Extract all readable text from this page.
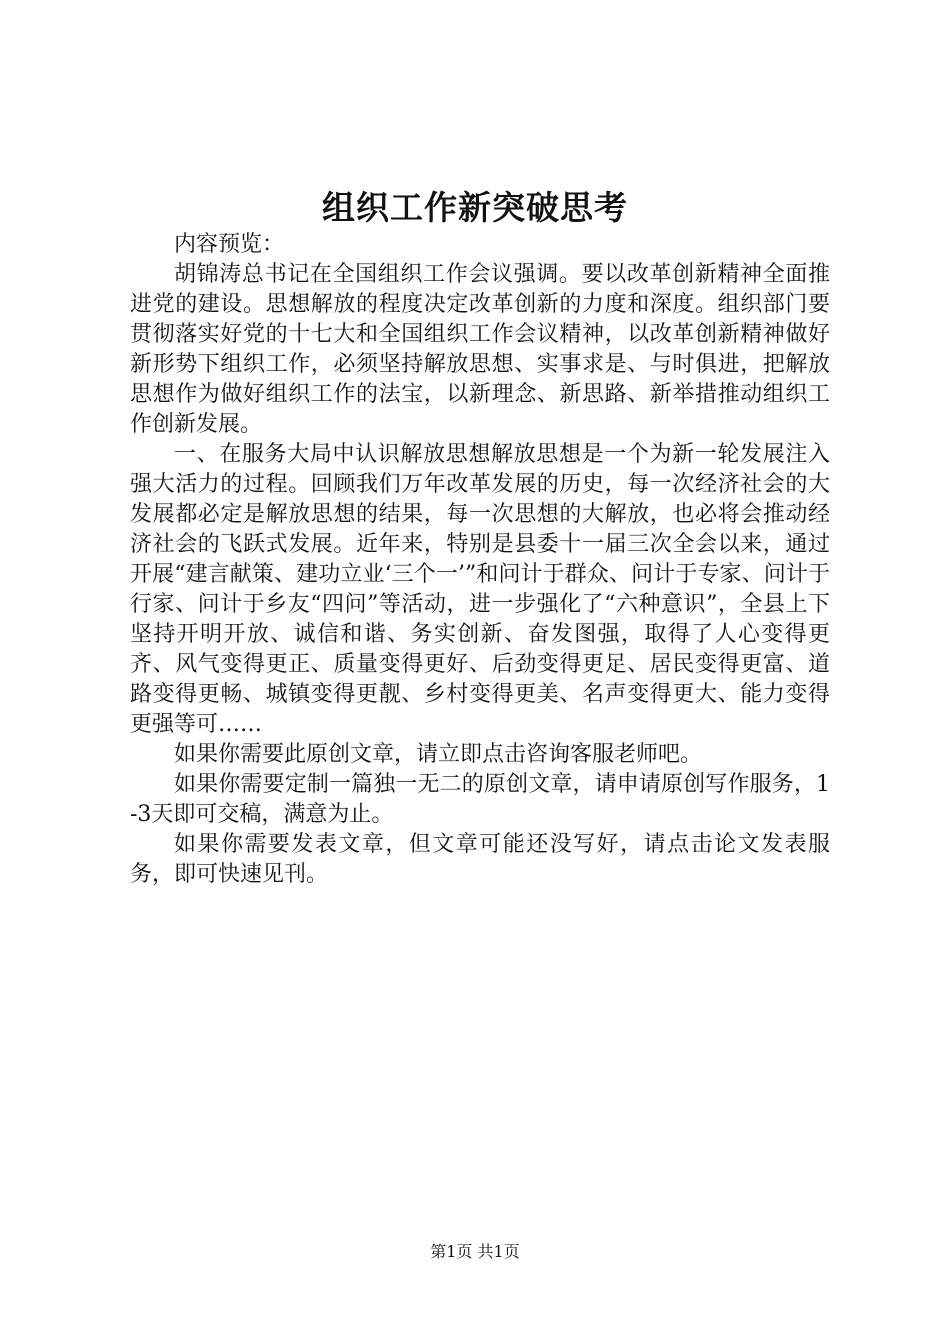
组织工作新突破思考

内容预览：

胡锦涛总书记在全国组织工作会议强调。要以改革创新精神全面推进党的建设。思想解放的程度决定改革创新的力度和深度。组织部门要贯彻落实好党的十七大和全国组织工作会议精神，以改革创新精神做好新形势下组织工作，必须坚持解放思想、实事求是、与时俱进，把解放思想作为做好组织工作的法宝，以新理念、新思路、新举措推动组织工作创新发展。

一、在服务大局中认识解放思想解放思想是一个为新一轮发展注入强大活力的过程。回顾我们万年改革发展的历史，每一次经济社会的大发展都必定是解放思想的结果，每一次思想的大解放，也必将会推动经济社会的飞跃式发展。近年来，特别是县委十一届三次全会以来，通过开展“建言献策、建功立业‘三个一’”和问计于群众、问计于专家、问计于行家、问计于乡友“四问”等活动，进一步强化了“六种意识”，全县上下坚持开明开放、诚信和谐、务实创新、奋发图强，取得了人心变得更齐、风气变得更正、质量变得更好、后劲变得更足、居民变得更富、道路变得更畅、城镇变得更靓、乡村变得更美、名声变得更大、能力变得更强等可……

如果你需要此原创文章，请立即点击咨询客服老师吧。

如果你需要定制一篇独一无二的原创文章，请申请原创写作服务，1-3天即可交稿，满意为止。

如果你需要发表文章，但文章可能还没写好，请点击论文发表服务，即可快速见刊。

第1页 共1页
